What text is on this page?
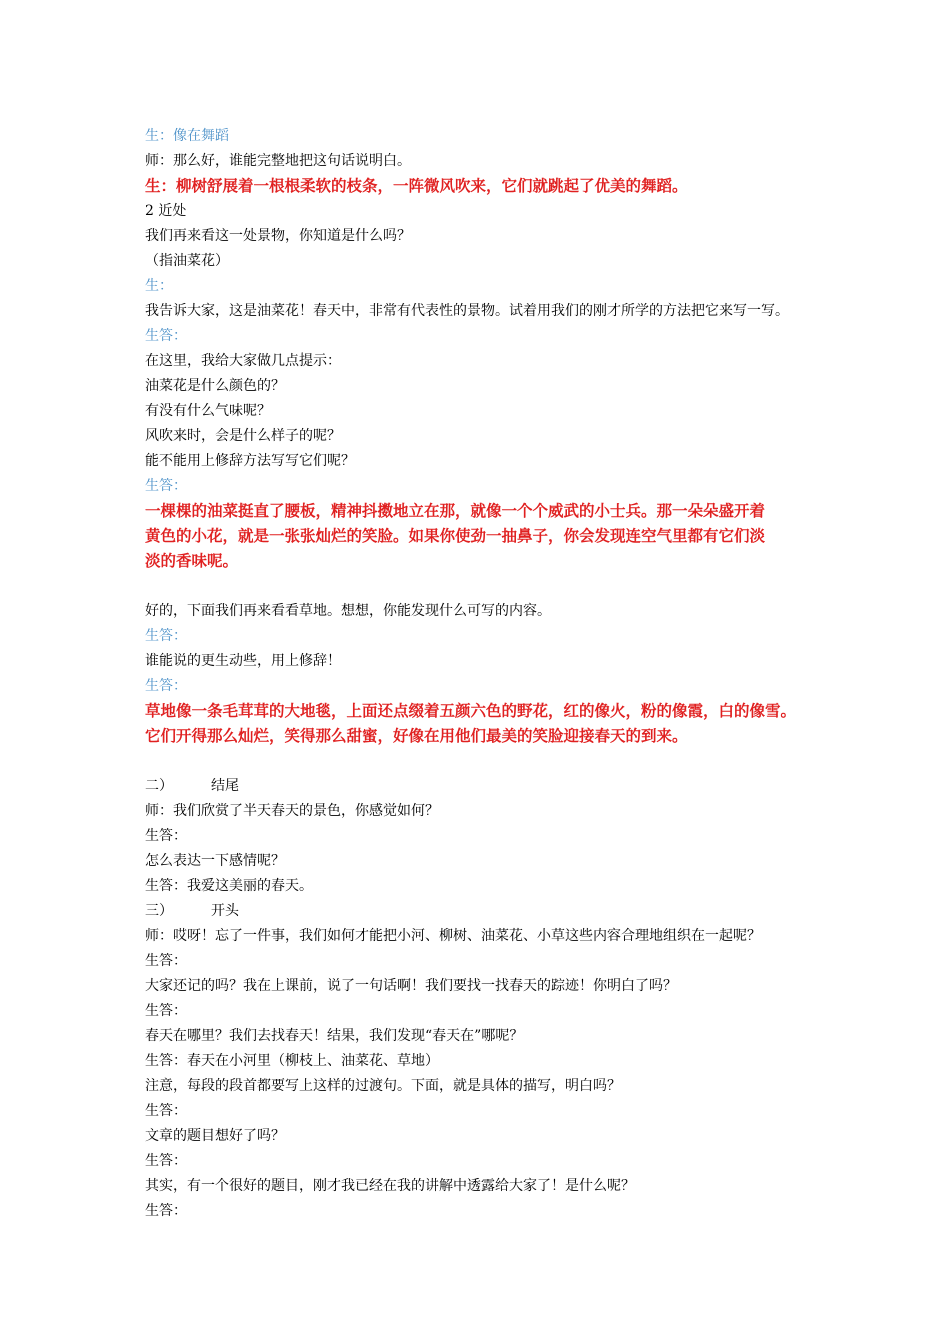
生：像在舞蹈
师：那么好，谁能完整地把这句话说明白。
生：柳树舒展着一根根柔软的枝条，一阵微风吹来，它们就跳起了优美的舞蹈。
2 近处
我们再来看这一处景物，你知道是什么吗？
（指油菜花）
生：
我告诉大家，这是油菜花！春天中，非常有代表性的景物。试着用我们的刚才所学的方法把它来写一写。
生答：
在这里，我给大家做几点提示：
油菜花是什么颜色的？
有没有什么气味呢？
风吹来时，会是什么样子的呢？
能不能用上修辞方法写写它们呢？
生答：
一棵棵的油菜挺直了腰板，精神抖擞地立在那，就像一个个威武的小士兵。那一朵朵盛开着
黄色的小花，就是一张张灿烂的笑脸。如果你使劲一抽鼻子，你会发现连空气里都有它们淡
淡的香味呢。
好的，下面我们再来看看草地。想想，你能发现什么可写的内容。
生答：
谁能说的更生动些，用上修辞！
生答：
草地像一条毛茸茸的大地毯，上面还点缀着五颜六色的野花，红的像火，粉的像霞，白的像雪。
它们开得那么灿烂，笑得那么甜蜜，好像在用他们最美的笑脸迎接春天的到来。
二）	结尾
师：我们欣赏了半天春天的景色，你感觉如何？
生答：
怎么表达一下感情呢？
生答：我爱这美丽的春天。
三）	开头
师：哎呀！忘了一件事，我们如何才能把小河、柳树、油菜花、小草这些内容合理地组织在一起呢？
生答：
大家还记的吗？我在上课前，说了一句话啊！我们要找一找春天的踪迹！你明白了吗？
生答：
春天在哪里？我们去找春天！结果，我们发现“春天在”哪呢？
生答：春天在小河里（柳枝上、油菜花、草地）
注意，每段的段首都要写上这样的过渡句。下面，就是具体的描写，明白吗？
生答：
文章的题目想好了吗？
生答：
其实，有一个很好的题目，刚才我已经在我的讲解中透露给大家了！是什么呢？
生答：
